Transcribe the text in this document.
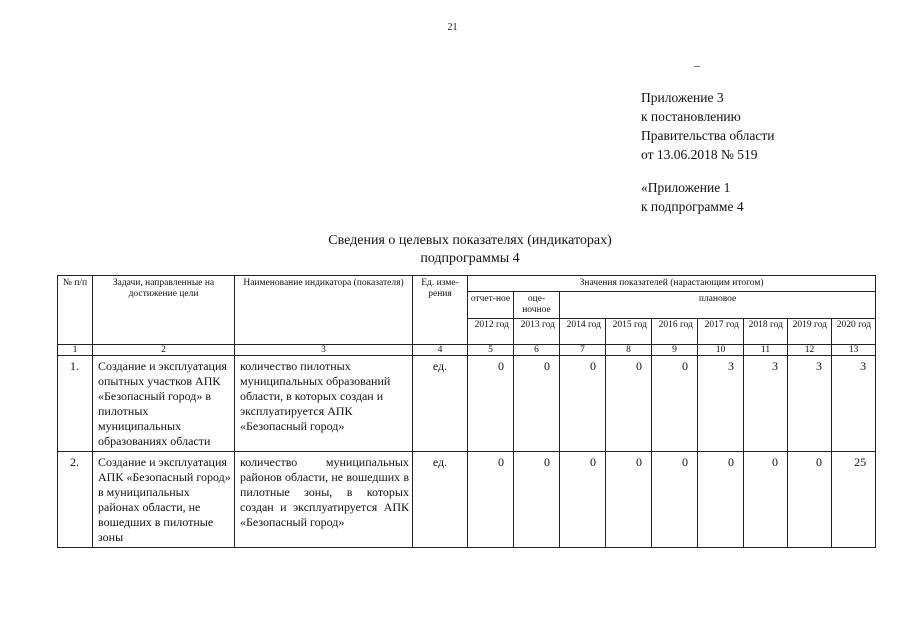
21
Приложение 3
к постановлению
Правительства области
от 13.06.2018 № 519
«Приложение 1
к подпрограмме 4
Сведения о целевых показателях (индикаторах)
подпрограммы 4
№ п/п	Задачи, направленные на достижение цели	Наименование индикатора (показателя)	Ед. изме-рения	Значения показателей (нарастающим итогом)								
				отчет-ное	оце-ночное	плановое						
				2012 год	2013 год	2014 год	2015 год	2016 год	2017 год	2018 год	2019 год	2020 год
1	2	3	4	5	6	7	8	9	10	11	12	13
1.	Создание и эксплуатация опытных участков АПК «Безопасный город» в пилотных муниципальных образованиях области	количество пилотных муниципальных образований области, в которых создан и эксплуатируется АПК «Безопасный город»	ед.	0	0	0	0	0	3	3	3	3
2.	Создание и эксплуатация АПК «Безопасный город» в муниципальных районах области, не вошедших в пилотные зоны	количество муниципальных районов области, не вошедших в пилотные зоны, в которых создан и эксплуатируется АПК «Безопасный город»	ед.	0	0	0	0	0	0	0	0	25
